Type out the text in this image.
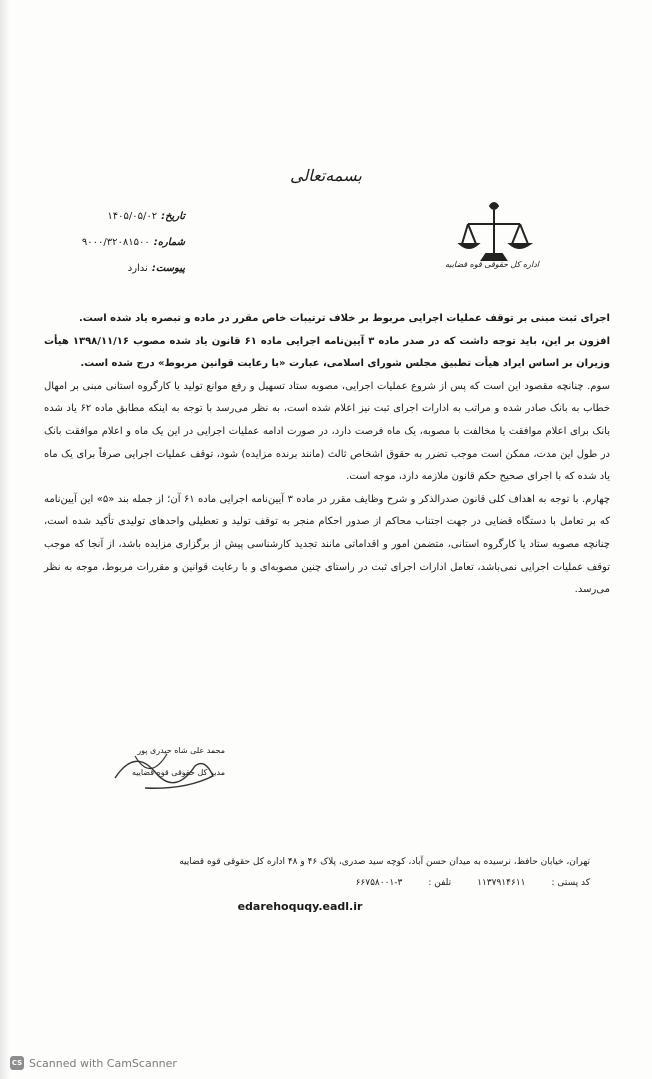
بسمه‌تعالی
اداره کل حقوقی قوه قضاییه
تاریخ:
۱۴۰۵/۰۵/۰۲
شماره:
۹۰۰۰/۳۲۰۸۱۵۰۰
پیوست:
ندارد

اجرای ثبت مبنی بر توقف عملیات اجرایی مربوط بر خلاف ترتیبات خاص مقرر در ماده و تبصره یاد شده است.

افزون بر این، باید توجه داشت که در صدر ماده ۳ آیین‌نامه اجرایی ماده ۶۱ قانون یاد شده مصوب ۱۳۹۸/۱۱/۱۶ هیأت وزیران بر اساس ایراد هیأت تطبیق مجلس شورای اسلامی، عبارت «با رعایت قوانین مربوط» درج شده است.

سوم. چنانچه مقصود این است که پس از شروع عملیات اجرایی، مصوبه ستاد تسهیل و رفع موانع تولید یا کارگروه استانی مبنی بر امهال خطاب به بانک صادر شده و مراتب به ادارات اجرای ثبت نیز اعلام شده است، به نظر می‌رسد با توجه به اینکه مطابق ماده ۶۲ یاد شده بانک برای اعلام موافقت یا مخالفت با مصوبه، یک ماه فرصت دارد، در صورت ادامه عملیات اجرایی در این یک ماه و اعلام موافقت بانک در طول این مدت، ممکن است موجب تضرر به حقوق اشخاص ثالث (مانند برنده مزایده) شود، توقف عملیات اجرایی صرفاً برای یک ماه یاد شده که با اجرای صحیح حکم قانون ملازمه دارد، موجه است.

چهارم. با توجه به اهداف کلی قانون صدرالذکر و شرح وظایف مقرر در ماده ۳ آیین‌نامه اجرایی ماده ۶۱ آن؛ از جمله بند «۵» این آیین‌نامه که بر تعامل با دستگاه قضایی در جهت اجتناب محاکم از صدور احکام منجر به توقف تولید و تعطیلی واحدهای تولیدی تأکید شده است، چنانچه مصوبه ستاد یا کارگروه استانی، متضمن امور و اقداماتی مانند تجدید کارشناسی پیش از برگزاری مزایده باشد، از آنجا که موجب توقف عملیات اجرایی نمی‌باشد، تعامل ادارات اجرای ثبت در راستای چنین مصوبه‌ای و با رعایت قوانین و مقررات مربوط، موجه به نظر می‌رسد.

محمد علی شاه حیدری پور
مدیر کل حقوقی قوه قضاییه
تهران، خیابان حافظ، نرسیده به میدان حسن آباد، کوچه سید صدری، پلاک ۴۶ و ۴۸ اداره کل حقوقی قوه قضاییه
کد پستی :
۱۱۳۷۹۱۴۶۱۱
تلفن :
۶۶۷۵۸۰۰۱-۳
edarehoquqy.eadl.ir
CS Scanned with CamScanner
